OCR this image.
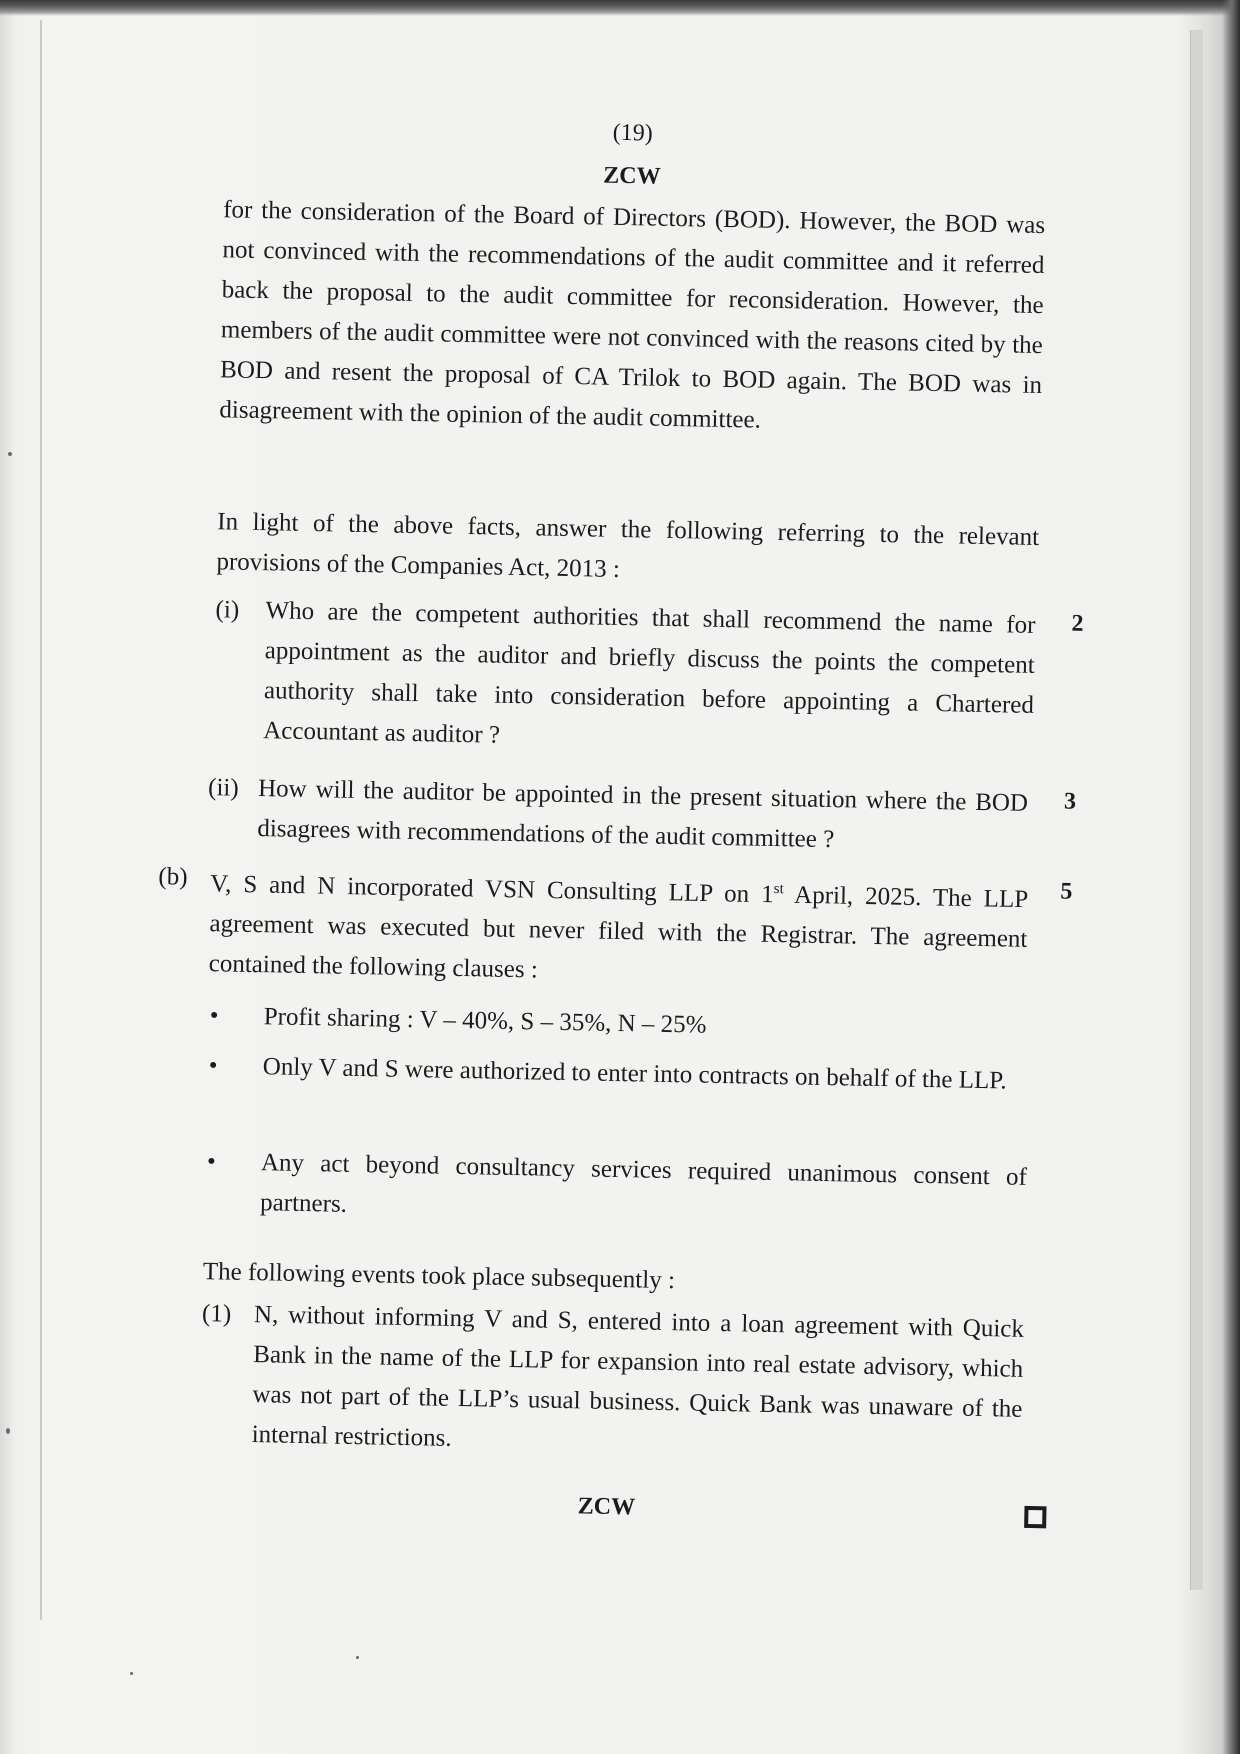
(19)
ZCW
for the consideration of the Board of Directors (BOD). However, the BOD was not convinced with the recommendations of the audit committee and it referred back the proposal to the audit committee for reconsideration. However, the members of the audit committee were not convinced with the reasons cited by the BOD and resent the proposal of CA Trilok to BOD again. The BOD was in disagreement with the opinion of the audit committee.
In light of the above facts, answer the following referring to the relevant provisions of the Companies Act, 2013 :
(i) Who are the competent authorities that shall recommend the name for appointment as the auditor and briefly discuss the points the competent authority shall take into consideration before appointing a Chartered Accountant as auditor ?
2
(ii) How will the auditor be appointed in the present situation where the BOD disagrees with recommendations of the audit committee ?
3
(b) V, S and N incorporated VSN Consulting LLP on 1st April, 2025. The LLP agreement was executed but never filed with the Registrar. The agreement contained the following clauses :
5
• Profit sharing : V – 40%, S – 35%, N – 25%
• Only V and S were authorized to enter into contracts on behalf of the LLP.
• Any act beyond consultancy services required unanimous consent of partners.
The following events took place subsequently :
(1) N, without informing V and S, entered into a loan agreement with Quick Bank in the name of the LLP for expansion into real estate advisory, which was not part of the LLP’s usual business. Quick Bank was unaware of the internal restrictions.
ZCW
